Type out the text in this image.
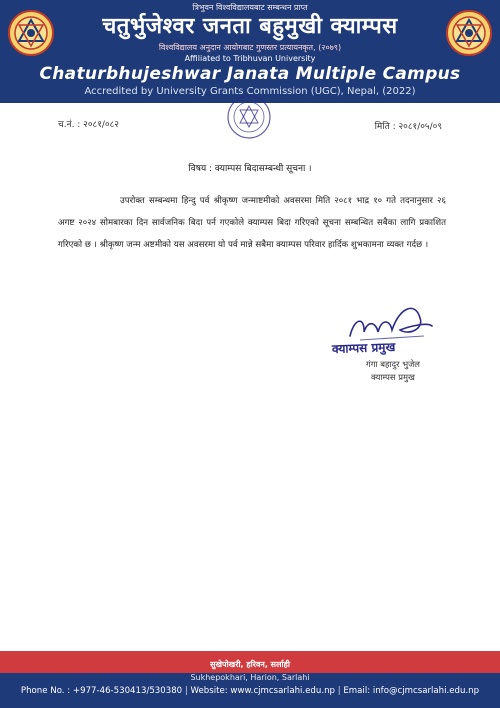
त्रिभुवन विश्वविद्यालयबाट सम्बन्धन प्राप्त
चतुर्भुजेश्वर जनता बहुमुखी क्याम्पस
विश्वविद्यालय अनुदान आयोगबाट गुणस्तर प्रत्यायनकृत, (२०७९)
Affiliated to Tribhuvan University
Chaturbhujeshwar Janata Multiple Campus
Accredited by University Grants Commission (UGC), Nepal, (2022)
च.नं. : २०८१/०८२	मिति : २०८१/०५/०९
विषय : क्याम्पस बिदासम्बन्धी सूचना ।

उपरोक्त सम्बन्धमा हिन्दु पर्व श्रीकृष्ण जन्माष्टमीको अवसरमा मिति २०८१ भाद्र १० गते तदनानुसार २६ अगष्ट २०२४ सोमबारका दिन सार्वजनिक बिदा पर्न गएकोले क्याम्पस बिदा गरिएको सूचना सम्बन्धित सबैका लागि प्रकाशित गरिएको छ । श्रीकृष्ण जन्म अष्टमीको यस अवसरमा यो पर्व मान्ने सबैमा क्याम्पस परिवार हार्दिक शुभकामना व्यक्त गर्दछ ।

क्याम्पस प्रमुख
गंगा बहादुर भुजेल
क्याम्पस प्रमुख
सुखेपोखरी, हरिवन, सर्लाही
Sukhepokhari, Harion, Sarlahi
Phone No. : +977-46-530413/530380 | Website: www.cjmcsarlahi.edu.np | Email: info@cjmcsarlahi.edu.np
